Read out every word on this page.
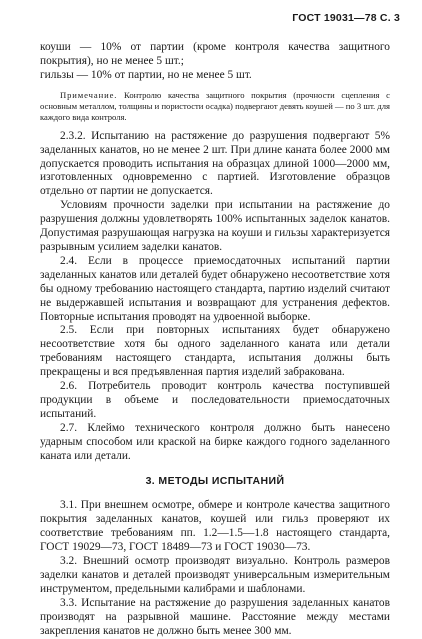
ГОСТ 19031—78 С. 3
коуши — 10% от партии (кроме контроля качества защитного покрытия), но не менее 5 шт.;
гильзы — 10% от партии, но не менее 5 шт.
Примечание. Контролю качества защитного покрытия (прочности сцепления с основным металлом, толщины и пористости осадка) подвергают девять коушей — по 3 шт. для каждого вида контроля.
2.3.2. Испытанию на растяжение до разрушения подвергают 5% заделанных канатов, но не менее 2 шт. При длине каната более 2000 мм допускается проводить испытания на образцах длиной 1000—2000 мм, изготовленных одновременно с партией. Изготовление образцов отдельно от партии не допускается.
Условиям прочности заделки при испытании на растяжение до разрушения должны удовлетворять 100% испытанных заделок канатов. Допустимая разрушающая нагрузка на коуши и гильзы характеризуется разрывным усилием заделки канатов.
2.4. Если в процессе приемосдаточных испытаний партии заделанных канатов или деталей будет обнаружено несоответствие хотя бы одному требованию настоящего стандарта, партию изделий считают не выдержавшей испытания и возвращают для устранения дефектов. Повторные испытания проводят на удвоенной выборке.
2.5. Если при повторных испытаниях будет обнаружено несоответствие хотя бы одного заделанного каната или детали требованиям настоящего стандарта, испытания должны быть прекращены и вся предъявленная партия изделий забракована.
2.6. Потребитель проводит контроль качества поступившей продукции в объеме и последовательности приемосдаточных испытаний.
2.7. Клеймо технического контроля должно быть нанесено ударным способом или краской на бирке каждого годного заделанного каната или детали.
3. МЕТОДЫ ИСПЫТАНИЙ
3.1. При внешнем осмотре, обмере и контроле качества защитного покрытия заделанных канатов, коушей или гильз проверяют их соответствие требованиям пп. 1.2—1.5—1.8 настоящего стандарта, ГОСТ 19029—73, ГОСТ 18489—73 и ГОСТ 19030—73.
3.2. Внешний осмотр производят визуально. Контроль размеров заделки канатов и деталей производят универсальным измерительным инструментом, предельными калибрами и шаблонами.
3.3. Испытание на растяжение до разрушения заделанных канатов производят на разрывной машине. Расстояние между местами закрепления канатов не должно быть менее 300 мм.
